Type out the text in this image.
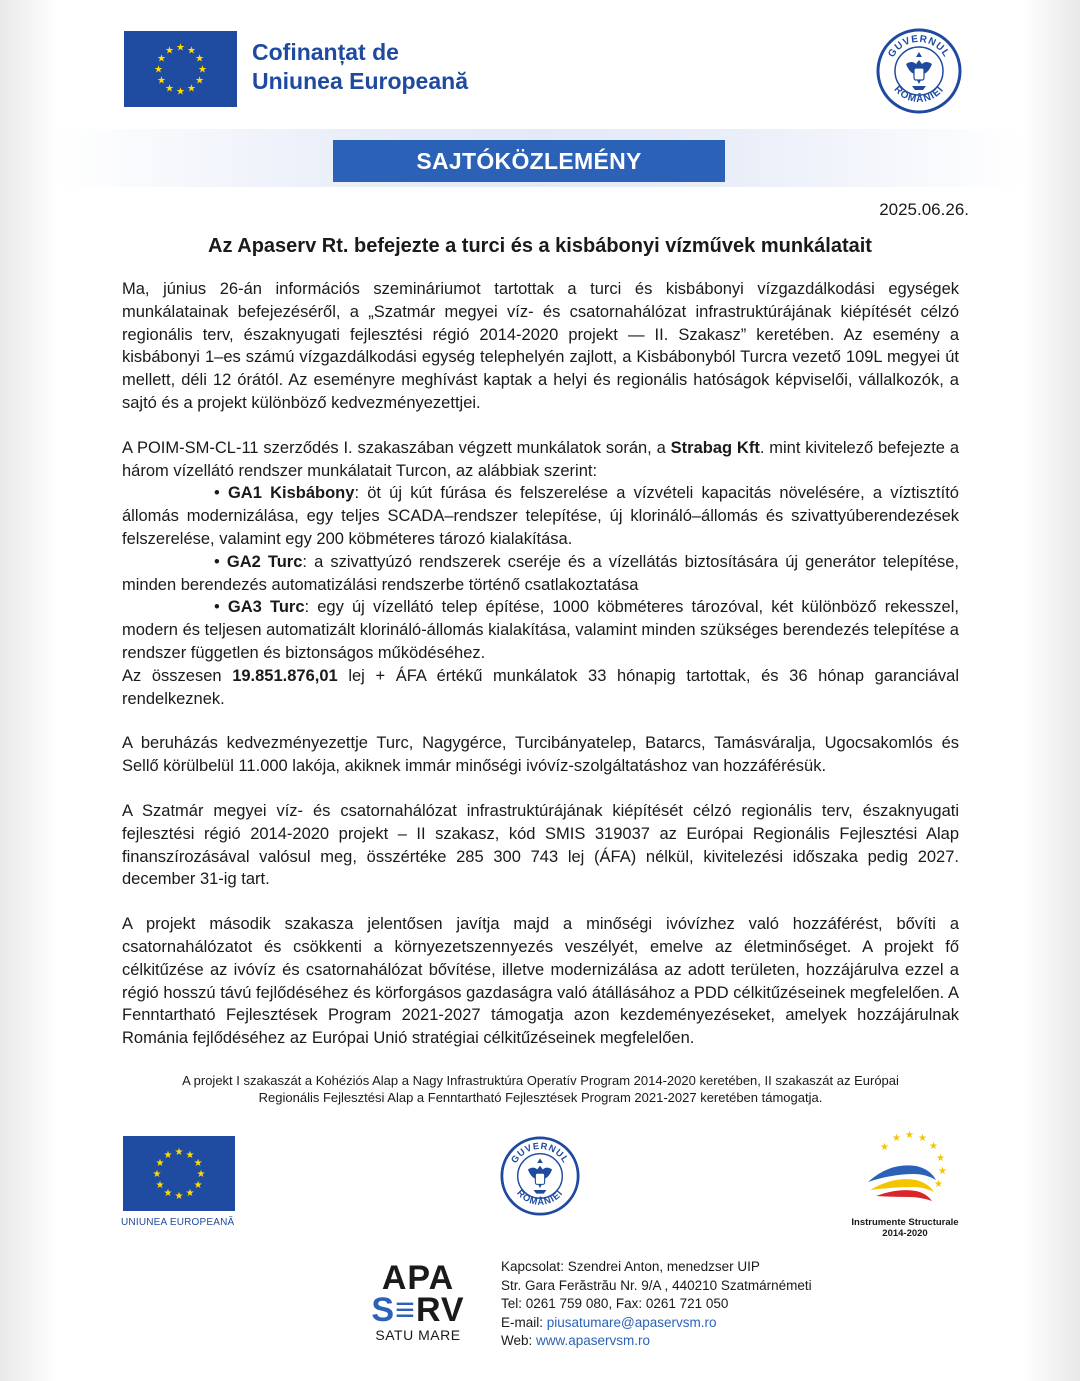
★ ★
★
★
★
★
★
★
★
★
★
★	Cofinanțat de
Uniunea Europeană
GUVERNUL
ROMÂNIEI
SAJTÓKÖZLEMÉNY
2025.06.26.
Az Apaserv Rt. befejezte a turci és a kisbábonyi vízművek munkálatait

Ma, június 26-án információs szemináriumot tartottak a turci és kisbábonyi vízgazdálkodási egységek munkálatainak befejezéséről, a „Szatmár megyei víz- és csatornahálózat infrastruktúrájának kiépítését célzó regionális terv, északnyugati fejlesztési régió 2014-2020 projekt — II. Szakasz” keretében. Az esemény a kisbábonyi 1–es számú vízgazdálkodási egység telephelyén zajlott, a Kisbábonyból Turcra vezető 109L megyei út mellett, déli 12 órától. Az eseményre meghívást kaptak a helyi és regionális hatóságok képviselői, vállalkozók, a sajtó és a projekt különböző kedvezményezettjei.

A POIM-SM-CL-11 szerződés I. szakaszában végzett munkálatok során, a Strabag Kft. mint kivitelező befejezte a három vízellátó rendszer munkálatait Turcon, az alábbiak szerint:

• GA1 Kisbábony: öt új kút fúrása és felszerelése a vízvételi kapacitás növelésére, a víztisztító állomás modernizálása, egy teljes SCADA–rendszer telepítése, új klorináló–állomás és szivattyúberendezések felszerelése, valamint egy 200 köbméteres tározó kialakítása.

• GA2 Turc: a szivattyúzó rendszerek cseréje és a vízellátás biztosítására új generátor telepítése, minden berendezés automatizálási rendszerbe történő csatlakoztatása

• GA3 Turc: egy új vízellátó telep építése, 1000 köbméteres tározóval, két különböző rekesszel, modern és teljesen automatizált klorináló-állomás kialakítása, valamint minden szükséges berendezés telepítése a rendszer független és biztonságos működéséhez.

Az összesen 19.851.876,01 lej + ÁFA értékű munkálatok 33 hónapig tartottak, és 36 hónap garanciával rendelkeznek.

A beruházás kedvezményezettje Turc, Nagygérce, Turcibányatelep, Batarcs, Tamásváralja, Ugocsakomlós és Sellő körülbelül 11.000 lakója, akiknek immár minőségi ivóvíz-szolgáltatáshoz van hozzáférésük.

A Szatmár megyei víz- és csatornahálózat infrastruktúrájának kiépítését célzó regionális terv, északnyugati fejlesztési régió 2014-2020 projekt – II szakasz, kód SMIS 319037 az Európai Regionális Fejlesztési Alap finanszírozásával valósul meg, összértéke 285 300 743 lej (ÁFA) nélkül, kivitelezési időszaka pedig 2027. december 31-ig tart.

A projekt második szakasza jelentősen javítja majd a minőségi ivóvízhez való hozzáférést, bővíti a csatornahálózatot és csökkenti a környezetszennyezés veszélyét, emelve az életminőséget. A projekt fő célkitűzése az ivóvíz és csatornahálózat bővítése, illetve modernizálása az adott területen, hozzájárulva ezzel a régió hosszú távú fejlődéséhez és körforgásos gazdaságra való átállásához a PDD célkitűzéseinek megfelelően. A Fenntartható Fejlesztések Program 2021-2027 támogatja azon kezdeményezéseket, amelyek hozzájárulnak Románia fejlődéséhez az Európai Unió stratégiai célkitűzéseinek megfelelően.

A projekt I szakaszát a Kohéziós Alap a Nagy Infrastruktúra Operatív Program 2014-2020 keretében, II szakaszát az Európai
Regionális Fejlesztési Alap a Fenntartható Fejlesztések Program 2021-2027 keretében támogatja.
★ ★
★
★
★
★
★
★
★
★
★
★
UNIUNEA EUROPEANĂ
GUVERNUL
ROMÂNIEI
★
★ ★ ★
★
★
★
★
Instrumente Structurale
2014-2020
APA
S≡RV
SATU MARE
Kapcsolat: Szendrei Anton, menedzser UIP
Str. Gara Ferăstrău Nr. 9/A , 440210 Szatmárnémeti
Tel: 0261 759 080, Fax: 0261 721 050
E-mail: piusatumare@apaservsm.ro
Web: www.apaservsm.ro
